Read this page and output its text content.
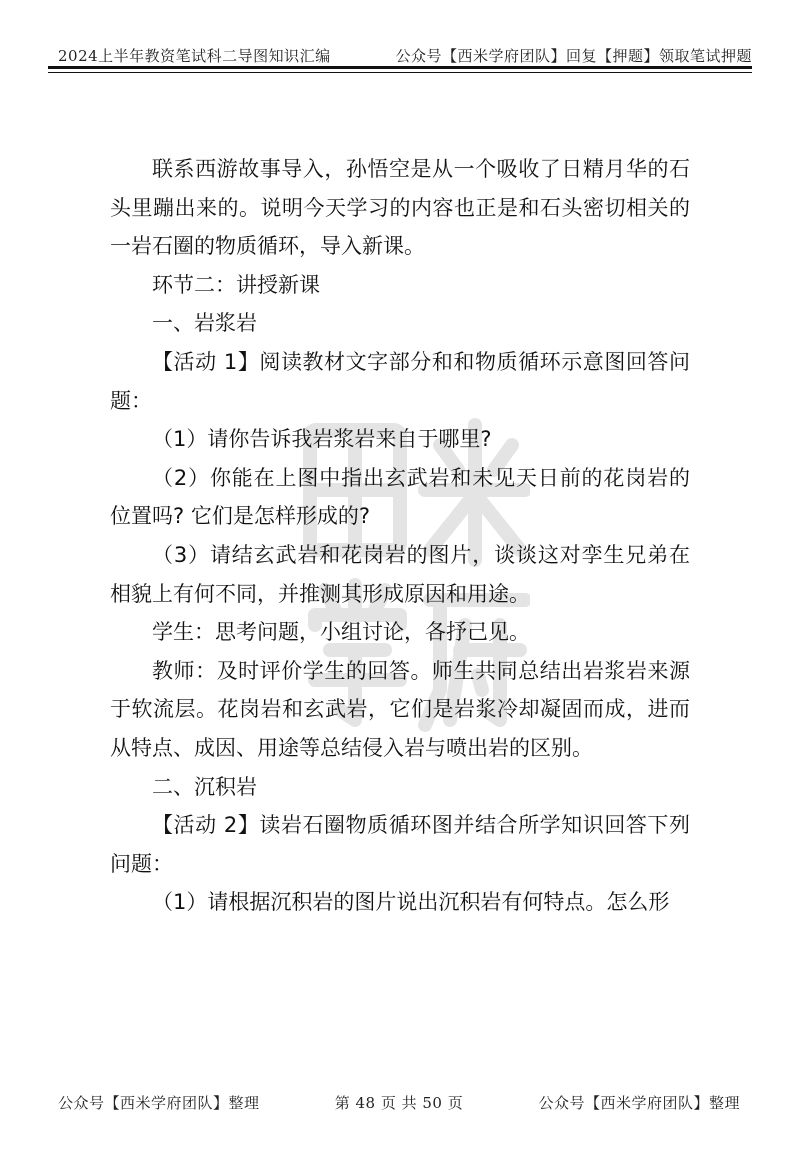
2024上半年教资笔试科二导图知识汇编	公众号【西米学府团队】回复【押题】领取笔试押题

联系西游故事导入，孙悟空是从一个吸收了日精月华的石头里蹦出来的。说明今天学习的内容也正是和石头密切相关的一岩石圈的物质循环，导入新课。

环节二：讲授新课

一、岩浆岩

【活动 1】阅读教材文字部分和和物质循环示意图回答问题：

（1）请你告诉我岩浆岩来自于哪里?

（2）你能在上图中指出玄武岩和未见天日前的花岗岩的位置吗? 它们是怎样形成的?

（3）请结玄武岩和花岗岩的图片，谈谈这对孪生兄弟在相貌上有何不同，并推测其形成原因和用途。

学生：思考问题，小组讨论，各抒己见。

教师：及时评价学生的回答。师生共同总结出岩浆岩来源于软流层。花岗岩和玄武岩，它们是岩浆冷却凝固而成，进而从特点、成因、用途等总结侵入岩与喷出岩的区别。

二、沉积岩

【活动 2】读岩石圈物质循环图并结合所学知识回答下列问题：

（1）请根据沉积岩的图片说出沉积岩有何特点。怎么形

公众号【西米学府团队】整理	第 48 页 共 50 页	公众号【西米学府团队】整理
